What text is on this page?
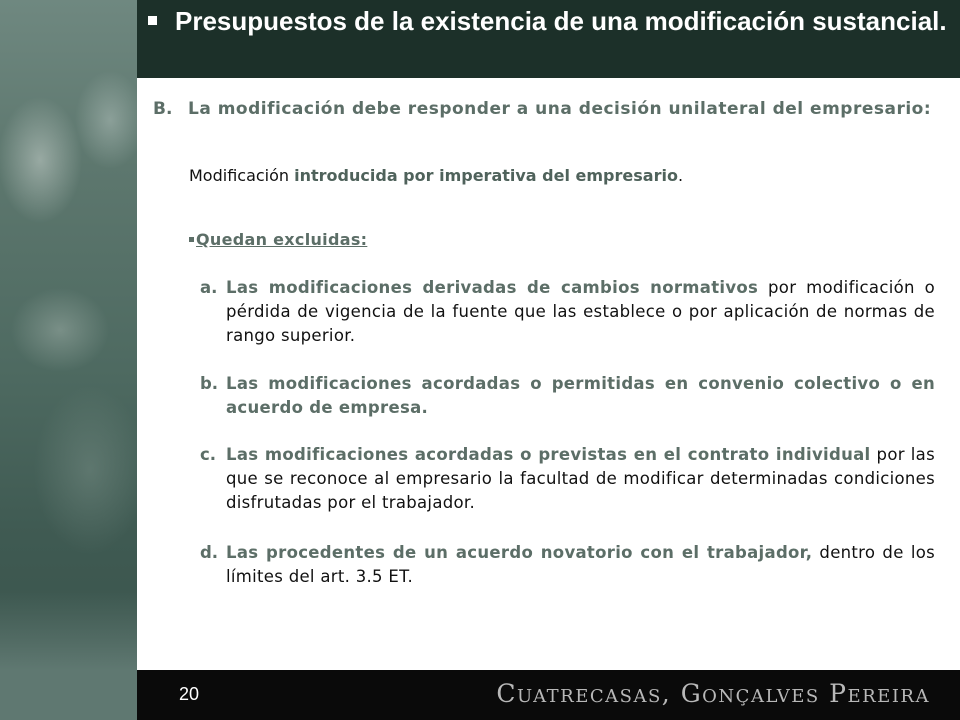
Presupuestos de la existencia de una modificación sustancial.
B. La modificación debe responder a una decisión unilateral del empresario:
Modificación introducida por imperativa del empresario.
Quedan excluidas:
a. Las modificaciones derivadas de cambios normativos por modificación o pérdida de vigencia de la fuente que las establece o por aplicación de normas de rango superior.
b. Las modificaciones acordadas o permitidas en convenio colectivo o en acuerdo de empresa.
c. Las modificaciones acordadas o previstas en el contrato individual por las que se reconoce al empresario la facultad de modificar determinadas condiciones disfrutadas por el trabajador.
d. Las procedentes de un acuerdo novatorio con el trabajador, dentro de los límites del art. 3.5 ET.
20	Cuatrecasas, Gonçalves Pereira
